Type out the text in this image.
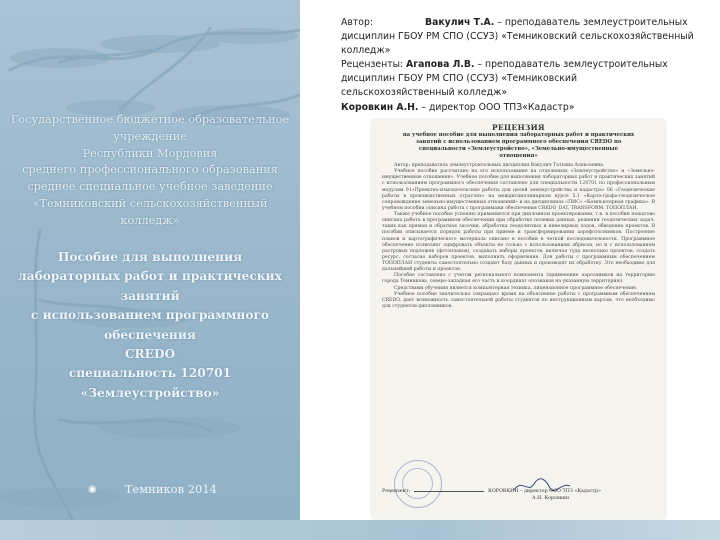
Государственное бюджетное образовательное
учреждение
Республики Мордовия
среднего профессионального образования
среднее специальное учебное заведение
«Темниковский сельскохозяйственный
колледж»
Пособие для выполнения
лабораторных работ и практических
занятий
с использованием программного
обеспечения
CREDO
специальность 120701
«Землеустройство»
◉ Темников 2014
Автор:	Вакулич Т.А. – преподаватель землеустроительных
дисциплин ГБОУ РМ СПО (ССУЗ) «Темниковский сельскохозяйственный
колледж»
Рецензенты: Агапова Л.В. – преподаватель землеустроительных
дисциплин ГБОУ РМ СПО (ССУЗ) «Темниковский
сельскохозяйственный колледж»
Коровкин А.Н. – директор ООО ТПЗ«Кадастр»
РЕЦЕНЗИЯ
на учебное пособие для выполнения лабораторных работ и практических
занятий с использованием программного обеспечения CREDO по
специальности «Землеустройство», «Земельно-имущественные
отношения»

Автор: преподаватель землеустроительных дисциплин Вакулич Татьяна Алексеевна

Учебное пособие рассчитано на его использование на отделениях «Землеустройство» и «Земельно-имущественные отношения». Учебное пособие для выполнения лабораторных работ и практических занятий с использованием программного обеспечения составлено для специальности 120701 по профессиональным модулям 01«Проектно-изыскательские работы для целей землеустройства и кадастра» 06 «Геодезические работы в производственных отраслях» на междисциплинарном курсе 5.1 «Карто-графо-геодезическое сопровождение земельно-имущественных отношений» и на дисциплинах «ПИС» «Компьютерная графика». В учебном пособии описана работа с программами обеспечения CREDO_DAT, TRANSFORM, ТОПОПЛАН.

Также учебное пособие успешно применяется при дипломном проектировании, т.к. в пособии пошагово описана работа в программном обеспечении при обработке полевых данных, решении геодезических задач, таких как прямая и обратная засечки, обработка теодолитных и нивелирных ходов, обведение проектов. В пособии описывается порядок работы при приеме и трансформировании аэрофотоснимков. Построение планов и картографического материала описано в пособии в четкой последовательности. Программное обеспечение позволяет оцифровать объекты не только с использованием абрисов, но и с использованием растровых подложек (фотопланов), создавать наборы проектов, включая туда несколько проектов, создать ресурс, согласно наборов проектов, выполнить оформление. Для работы с программным обеспечением ТОПОПЛАН студенты самостоятельно создают базу данных и производят их обработку. Это необходимо для дальнейшей работы и проектов.

Пособие составлено с учетом регионального компонента (применение аэроснимков на территорию города Темникова, северо-западная его часть и координат опознаков на указанную территорию).

Средствами обучения является компьютерная техника, лицензионное программное обеспечение.

Учебное пособие значительно сокращает время на объяснение работы с программным обеспечением CREDO, дает возможность самостоятельной работы студентов по инструкционным картам, что необходимо для студентов-дипломников.

Рецензент:	КОРОВКИН – директор ООО ТПЗ «Кадастр»
А.Н. Коровкин
